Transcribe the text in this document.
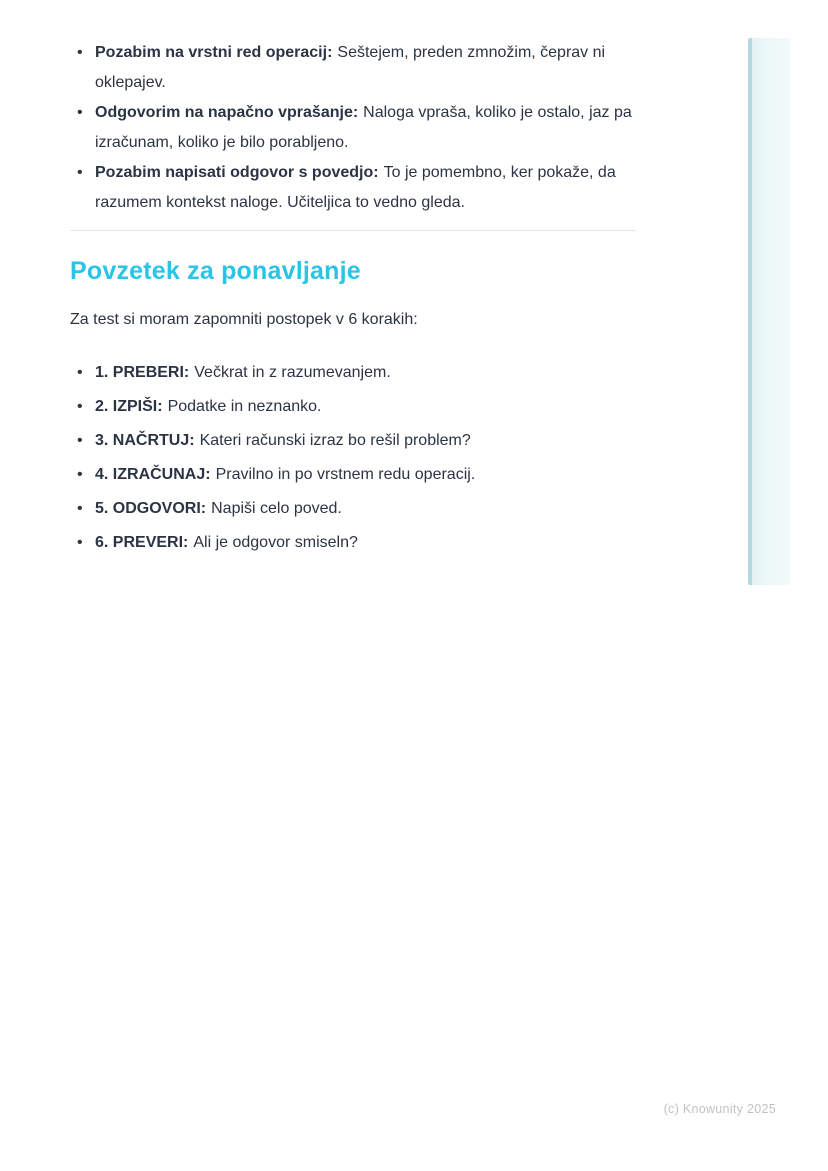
• Pozabim na vrstni red operacij: Seštejem, preden zmnožim, čeprav ni oklepajev.
• Odgovorim na napačno vprašanje: Naloga vpraša, koliko je ostalo, jaz pa izračunam, koliko je bilo porabljeno.
• Pozabim napisati odgovor s povedjo: To je pomembno, ker pokaže, da razumem kontekst naloge. Učiteljica to vedno gleda.
Povzetek za ponavljanje

Za test si moram zapomniti postopek v 6 korakih:

• 1. PREBERI: Večkrat in z razumevanjem.
• 2. IZPIŠI: Podatke in neznanko.
• 3. NAČRTUJ: Kateri računski izraz bo rešil problem?
• 4. IZRAČUNAJ: Pravilno in po vrstnem redu operacij.
• 5. ODGOVORI: Napiši celo poved.
• 6. PREVERI: Ali je odgovor smiseln?
(c) Knowunity 2025
